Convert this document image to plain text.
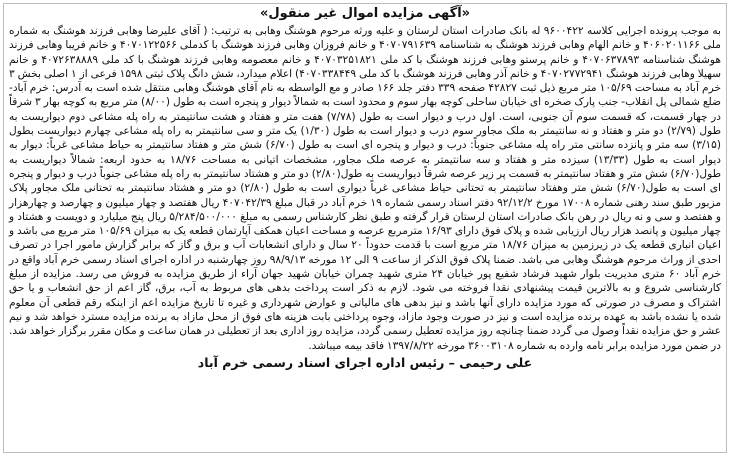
«آگهی مزایده اموال غیر منقول»
به موجب پرونده اجرایی کلاسه ۹۶۰۰۴۲۲ له بانک صادرات استان لرستان و علیه ورثه مرحوم هوشنگ وهابی به ترتیب: ( آقای علیرضا وهابی فرزند هوشنگ به شماره ملی ۴۰۶۰۲۰۱۱۶۶ و خانم الهام وهابی فرزند هوشنگ به شناسنامه ۴۰۷۰۷۹۱۶۳۹ و خانم فروزان وهابی فرزند هوشنگ با کدملی ۴۰۷۰۱۲۲۵۶۶ و خانم فریبا وهابی فرزند هوشنگ شناسنامه ۴۰۷۰۶۳۷۸۹۳ و خانم پرستو وهابی فرزند هوشنگ با کد ملی ۴۰۷۰۳۲۵۱۸۲۱ و خانم معصومه وهابی فرزند هوشنگ با کد ملی ۴۰۷۲۶۳۸۸۸۹ و خانم سهیلا وهابی فرزند هوشنگ ۴۰۷۰۲۷۷۲۹۴۱ و خانم آذر وهابی فرزند هوشنگ با کد ملی ۴۰۷۰۳۳۸۴۴۹) اعلام میدارد، شش دانگ پلاک ثبتی ۱۵۹۸ فرعی از ۱ اصلی بخش ۳ خرم آباد به مساحت ۱۰۵/۶۹ متر مربع ذیل ثبت ۴۲۸۲۷ صفحه ۳۳۹ دفتر جلد ۱۶۶ صادر و مع الواسطه به نام آقای هوشنگ وهابی منتقل شده است به آدرس: خرم آباد- ضلع شمالی پل انقلاب- جنب پارک صخره ای خیابان ساحلی کوچه بهار سوم و محدود است به شمالاً دیوار و پنجره است به طول (۸/۰۰) متر مربع به کوچه بهار ۳ شرقاً در چهار قسمت، که قسمت سوم آن جنوبی، است. اول درب و دیوار است به طول (۷/۷۸) هفت متر و هفتاد و هشت سانتیمتر به راه پله مشاعی دوم دیواریست به طول (۲/۷۹) دو متر و هفتاد و نه سانتیمتر به ملک مجاور سوم درب و دیوار است به طول (۱/۳۰) یک متر و سی سانتیمتر به راه پله مشاعی چهارم دیواریست بطول (۳/۱۵) سه متر و پانزده سانتی متر راه پله مشاعی جنوباً: درب و دیوار و پنجره ای است به طول (۶/۷۰) شش متر و هفتاد سانتیمتر به حیاط مشاعی غرباً: دیوار به دیوار است به طول (۱۳/۳۳) سیزده متر و هفتاد و سه سانتیمتر به عرصه ملک مجاور، مشخصات اتیانی به مساحت ۱۸/۷۶ به حدود اربعه: شمالاً دیواریست به طول(۶/۷۰) شش متر و هفتاد سانتیمتر به قسمت پر زیر عرصه شرقاً دیواریست به طول(۲/۸۰) دو متر و هشتاد سانتیمتر به راه پله مشاعی جنوباً درب و دیوار و پنجره ای است به طول(۶/۷۰) شش متر وهفتاد سانتیمتر به تحتانی حیاط مشاعی غرباً دیواری است به طول (۲/۸۰) دو متر و هشتاد سانتیمتر به تحتانی ملک مجاور پلاک مزبور طبق سند رهنی شماره ۱۷۰۰۸ مورخ ۹۲/۱۲/۲ دفتر اسناد رسمی شماره ۱۹ خرم آباد در قبال مبلغ ۴۰۷۰۴۲/۳۹ ریال هفتصد و چهار میلیون و چهارصد و چهارهزار و هفتصد و سی و نه ریال در رهن بانک صادرات استان لرستان قرار گرفته و طبق نظر کارشناس رسمی به مبلغ ۵/۲۸۴/۵۰۰/۰۰۰ ریال پنج میلیارد و دویست و هشتاد و چهار میلیون و پانصد هزار ریال ارزیابی شده و پلاک فوق دارای ۱۶/۹۳ مترمربع عرصه و مساحت اعیان همکف آپارتمان قطعه یک به میزان ۱۰۵/۶۹ متر مربع می باشد و اعیان انباری قطعه یک در زیرزمین به میزان ۱۸/۷۶ متر مربع است با قدمت حدوداً ۲۰ سال و دارای انشعابات آب و برق و گاز که برابر گزارش مامور اجرا در تصرف احدی از وراث مرحوم هوشنگ وهابی می باشد. ضمنا پلاک فوق الذکر از ساعت ۹ الی ۱۲ مورخه ۹۸/۹/۱۳ روز چهارشنبه در اداره اجرای اسناد رسمی خرم آباد واقع در خرم آباد ۶۰ متری مدیریت بلوار شهید فرشاد شفیع پور خیابان ۲۴ متری شهید چمران خیابان شهید جهان آراء از طریق مزایده به فروش می رسد. مزایده از مبلغ کارشناسی شروع و به بالاترین قیمت پیشنهادی نقدا فروخته می شود. لازم به ذکر است پرداخت بدهی های مربوط به آب، برق، گاز اعم از حق انشعاب و یا حق اشتراک و مصرف در صورتی که مورد مزایده دارای آنها باشد و نیز بدهی های مالیاتی و عوارض شهرداری و غیره تا تاریخ مزایده اعم از اینکه رقم قطعی آن معلوم شده یا نشده باشد به عهده برنده مزایده است و نیز در صورت وجود مازاد، وجوه پرداختی بابت هزینه های فوق از محل مازاد به برنده مزایده مسترد خواهد شد و نیم عشر و حق مزایده نقداً وصول می گردد ضمنا چنانچه روز مزایده تعطیل رسمی گردد، مزایده روز اداری بعد از تعطیلی در همان ساعت و مکان مقرر برگزار خواهد شد. در ضمن مورد مزایده برابر نامه وارده به شماره ۳۶۰۰۳۱۰۸ مورخه ۱۳۹۷/۸/۲۲ فاقد بیمه میباشد.
علی رحیمی – رئیس اداره اجرای اسناد رسمی خرم آباد
